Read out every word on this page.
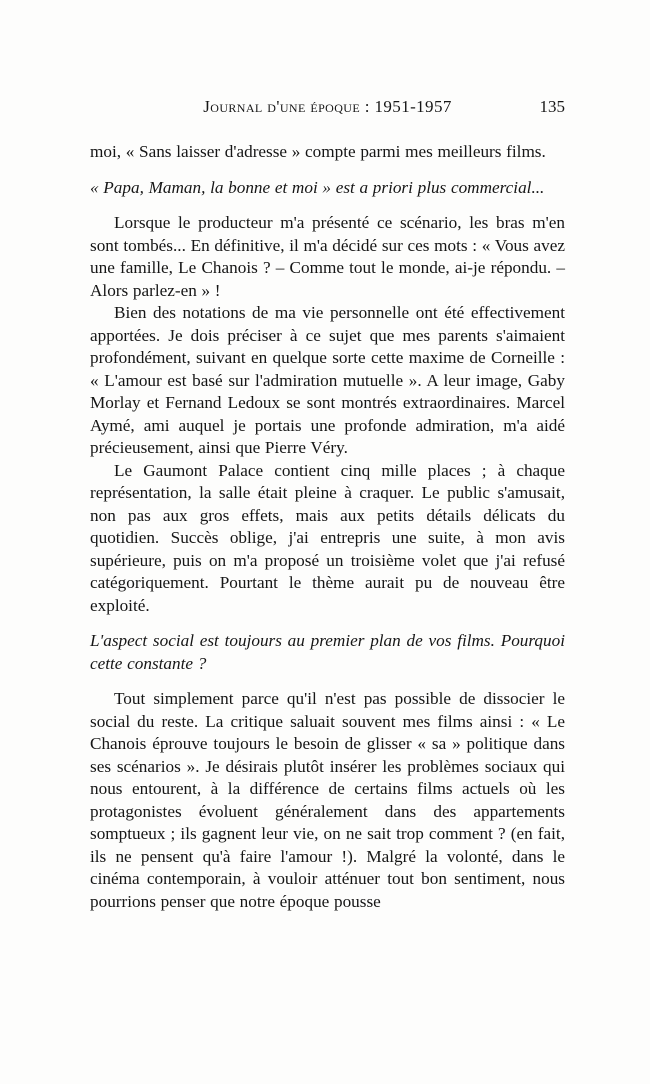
Journal d'une époque : 1951-1957	135

moi, « Sans laisser d'adresse » compte parmi mes meilleurs films.

« Papa, Maman, la bonne et moi » est a priori plus commercial...

Lorsque le producteur m'a présenté ce scénario, les bras m'en sont tombés... En définitive, il m'a décidé sur ces mots : « Vous avez une famille, Le Chanois ? – Comme tout le monde, ai-je répondu. – Alors parlez-en » !

Bien des notations de ma vie personnelle ont été effectivement apportées. Je dois préciser à ce sujet que mes parents s'aimaient profondément, suivant en quelque sorte cette maxime de Corneille : « L'amour est basé sur l'admiration mutuelle ». A leur image, Gaby Morlay et Fernand Ledoux se sont montrés extraordinaires. Marcel Aymé, ami auquel je portais une profonde admiration, m'a aidé précieusement, ainsi que Pierre Véry.

Le Gaumont Palace contient cinq mille places ; à chaque représentation, la salle était pleine à craquer. Le public s'amusait, non pas aux gros effets, mais aux petits détails délicats du quotidien. Succès oblige, j'ai entrepris une suite, à mon avis supérieure, puis on m'a proposé un troisième volet que j'ai refusé catégoriquement. Pourtant le thème aurait pu de nouveau être exploité.

L'aspect social est toujours au premier plan de vos films. Pourquoi cette constante ?

Tout simplement parce qu'il n'est pas possible de dissocier le social du reste. La critique saluait souvent mes films ainsi : « Le Chanois éprouve toujours le besoin de glisser « sa » politique dans ses scénarios ». Je désirais plutôt insérer les problèmes sociaux qui nous entourent, à la différence de certains films actuels où les protagonistes évoluent généralement dans des appartements somptueux ; ils gagnent leur vie, on ne sait trop comment ? (en fait, ils ne pensent qu'à faire l'amour !). Malgré la volonté, dans le cinéma contemporain, à vouloir atténuer tout bon sentiment, nous pourrions penser que notre époque pousse
